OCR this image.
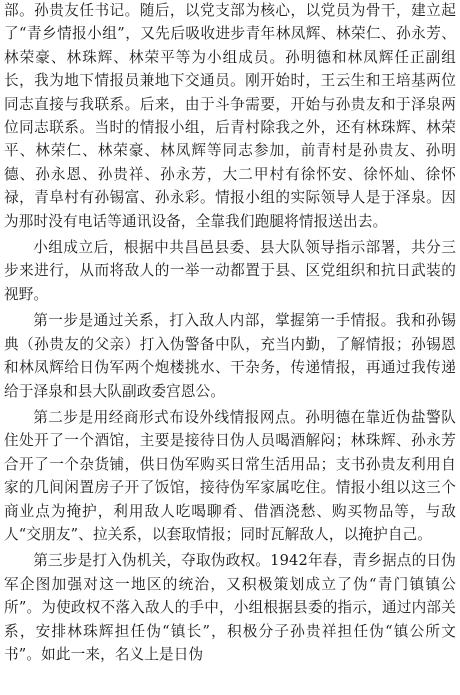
部。孙贵友任书记。随后，以党支部为核心，以党员为骨干，建立起了“青乡情报小组”，又先后吸收进步青年林凤辉、林荣仁、孙永芳、林荣豪、林珠辉、林荣平等为小组成员。孙明德和林凤辉任正副组长，我为地下情报员兼地下交通员。刚开始时，王云生和王培基两位同志直接与我联系。后来，由于斗争需要，开始与孙贵友和于泽泉两位同志联系。当时的情报小组，后青村除我之外，还有林珠辉、林荣平、林荣仁、林荣豪、林凤辉等同志参加，前青村是孙贵友、孙明德、孙永恩、孙贵祥、孙永芳，大二甲村有徐怀安、徐怀灿、徐怀禄，青阜村有孙锡富、孙永彩。情报小组的实际领导人是于泽泉。因为那时没有电话等通讯设备，全靠我们跑腿将情报送出去。

小组成立后，根据中共昌邑县委、县大队领导指示部署，共分三步来进行，从而将敌人的一举一动都置于县、区党组织和抗日武装的视野。

第一步是通过关系，打入敌人内部，掌握第一手情报。我和孙锡典（孙贵友的父亲）打入伪警备中队，充当内勤，了解情报；孙锡恩和林凤辉给日伪军两个炮楼挑水、干杂务，传递情报，再通过我传递给于泽泉和县大队副政委宫恩公。

第二步是用经商形式布设外线情报网点。孙明德在靠近伪盐警队住处开了一个酒馆，主要是接待日伪人员喝酒解闷；林珠辉、孙永芳合开了一个杂货铺，供日伪军购买日常生活用品；支书孙贵友利用自家的几间闲置房子开了饭馆，接待伪军家属吃住。情报小组以这三个商业点为掩护，利用敌人吃喝聊肴、借酒浇愁、购买物品等，与敌人“交朋友”、拉关系，以套取情报；同时瓦解敌人，以掩护自己。

第三步是打入伪机关，夺取伪政权。1942年春，青乡据点的日伪军企图加强对这一地区的统治，又积极策划成立了伪“青门镇镇公所”。为使政权不落入敌人的手中，小组根据县委的指示，通过内部关系，安排林珠辉担任伪“镇长”，积极分子孙贵祥担任伪“镇公所文书”。如此一来，名义上是日伪
